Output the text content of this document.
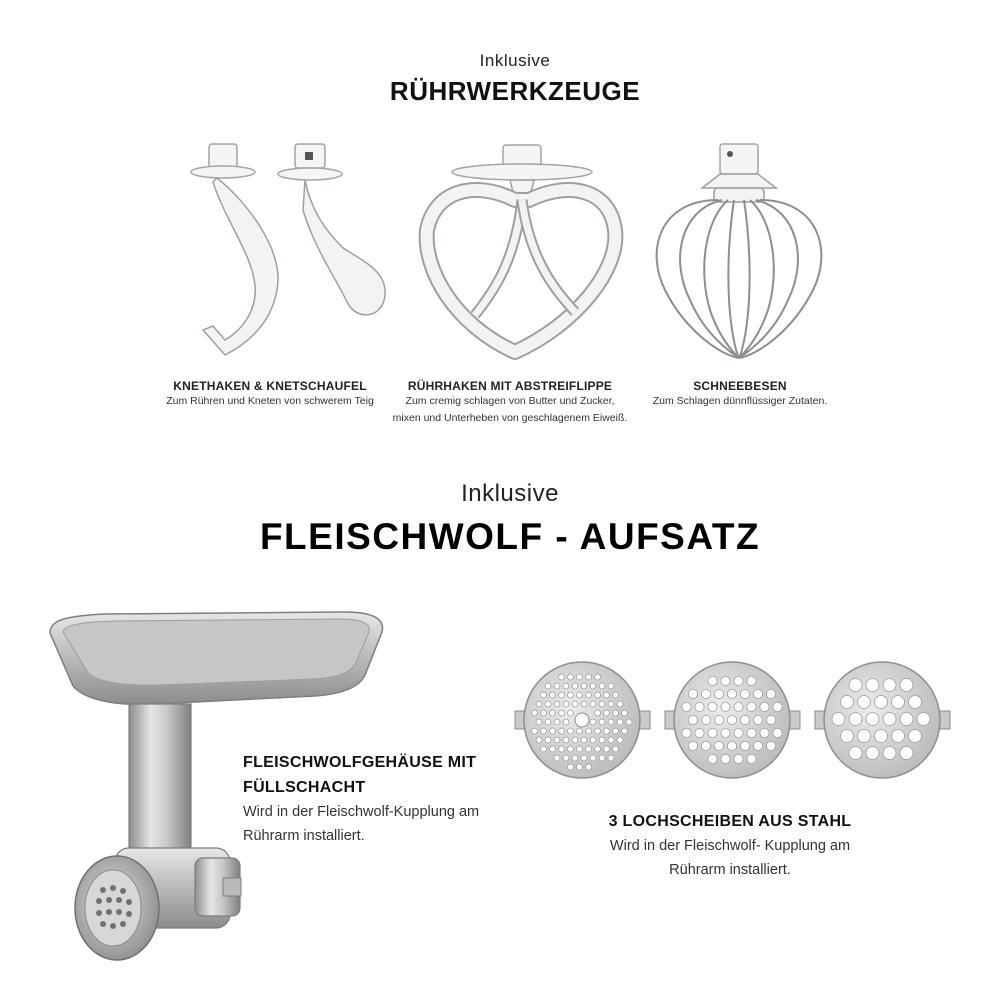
Inklusive
RÜHRWERKZEUGE
KNETHAKEN & KNETSCHAUFEL
Zum Rühren und Kneten von schwerem Teig
RÜHRHAKEN MIT ABSTREIFLIPPE
Zum cremig schlagen von Butter und Zucker,
mixen und Unterheben von geschlagenem Eiweiß.
SCHNEEBESEN
Zum Schlagen dünnflüssiger Zutaten.
Inklusive
FLEISCHWOLF - AUFSATZ
FLEISCHWOLFGEHÄUSE MIT
FÜLLSCHACHT
Wird in der Fleischwolf-Kupplung am
Rührarm installiert.
3 LOCHSCHEIBEN AUS STAHL
Wird in der Fleischwolf- Kupplung am
Rührarm installiert.
